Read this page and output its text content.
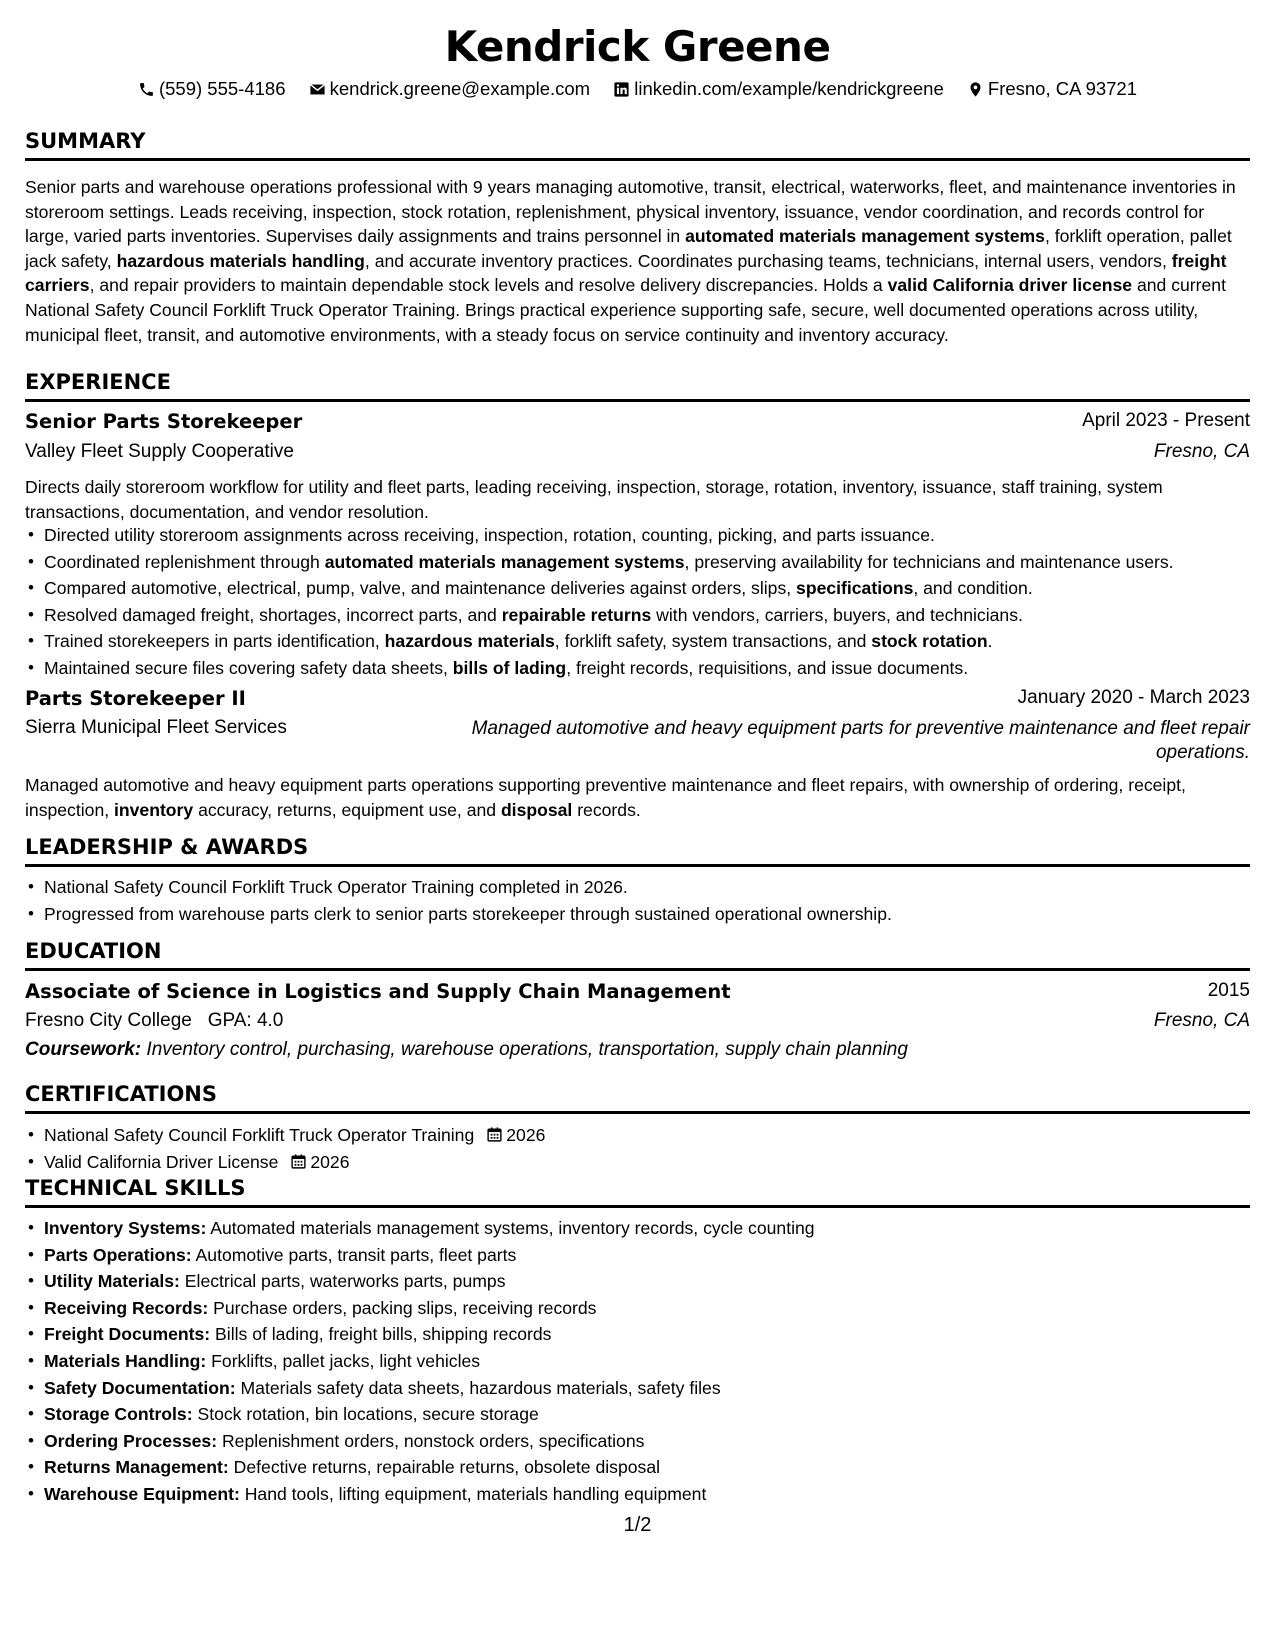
Kendrick Greene
(559) 555-4186
kendrick.greene@example.com
linkedin.com/example/kendrickgreene
Fresno, CA 93721
SUMMARY
Senior parts and warehouse operations professional with 9 years managing automotive, transit, electrical, waterworks, fleet, and maintenance inventories in storeroom settings. Leads receiving, inspection, stock rotation, replenishment, physical inventory, issuance, vendor coordination, and records control for large, varied parts inventories. Supervises daily assignments and trains personnel in automated materials management systems, forklift operation, pallet jack safety, hazardous materials handling, and accurate inventory practices. Coordinates purchasing teams, technicians, internal users, vendors, freight carriers, and repair providers to maintain dependable stock levels and resolve delivery discrepancies. Holds a valid California driver license and current National Safety Council Forklift Truck Operator Training. Brings practical experience supporting safe, secure, well documented operations across utility, municipal fleet, transit, and automotive environments, with a steady focus on service continuity and inventory accuracy.
EXPERIENCE
Senior Parts Storekeeper	April 2023 - Present
Valley Fleet Supply Cooperative	Fresno, CA
Directs daily storeroom workflow for utility and fleet parts, leading receiving, inspection, storage, rotation, inventory, issuance, staff training, system transactions, documentation, and vendor resolution.
• Directed utility storeroom assignments across receiving, inspection, rotation, counting, picking, and parts issuance.
• Coordinated replenishment through automated materials management systems, preserving availability for technicians and maintenance users.
• Compared automotive, electrical, pump, valve, and maintenance deliveries against orders, slips, specifications, and condition.
• Resolved damaged freight, shortages, incorrect parts, and repairable returns with vendors, carriers, buyers, and technicians.
• Trained storekeepers in parts identification, hazardous materials, forklift safety, system transactions, and stock rotation.
• Maintained secure files covering safety data sheets, bills of lading, freight records, requisitions, and issue documents.
Parts Storekeeper II	January 2020 - March 2023
Sierra Municipal Fleet Services	Managed automotive and heavy equipment parts for preventive maintenance and fleet repair operations.
Managed automotive and heavy equipment parts operations supporting preventive maintenance and fleet repairs, with ownership of ordering, receipt, inspection, inventory accuracy, returns, equipment use, and disposal records.
LEADERSHIP & AWARDS
• National Safety Council Forklift Truck Operator Training completed in 2026.
• Progressed from warehouse parts clerk to senior parts storekeeper through sustained operational ownership.
EDUCATION
Associate of Science in Logistics and Supply Chain Management	2015
Fresno City College GPA: 4.0	Fresno, CA
Coursework: Inventory control, purchasing, warehouse operations, transportation, supply chain planning
CERTIFICATIONS
• National Safety Council Forklift Truck Operator Training 2026
• Valid California Driver License 2026
TECHNICAL SKILLS
• Inventory Systems: Automated materials management systems, inventory records, cycle counting
• Parts Operations: Automotive parts, transit parts, fleet parts
• Utility Materials: Electrical parts, waterworks parts, pumps
• Receiving Records: Purchase orders, packing slips, receiving records
• Freight Documents: Bills of lading, freight bills, shipping records
• Materials Handling: Forklifts, pallet jacks, light vehicles
• Safety Documentation: Materials safety data sheets, hazardous materials, safety files
• Storage Controls: Stock rotation, bin locations, secure storage
• Ordering Processes: Replenishment orders, nonstock orders, specifications
• Returns Management: Defective returns, repairable returns, obsolete disposal
• Warehouse Equipment: Hand tools, lifting equipment, materials handling equipment
1/2
